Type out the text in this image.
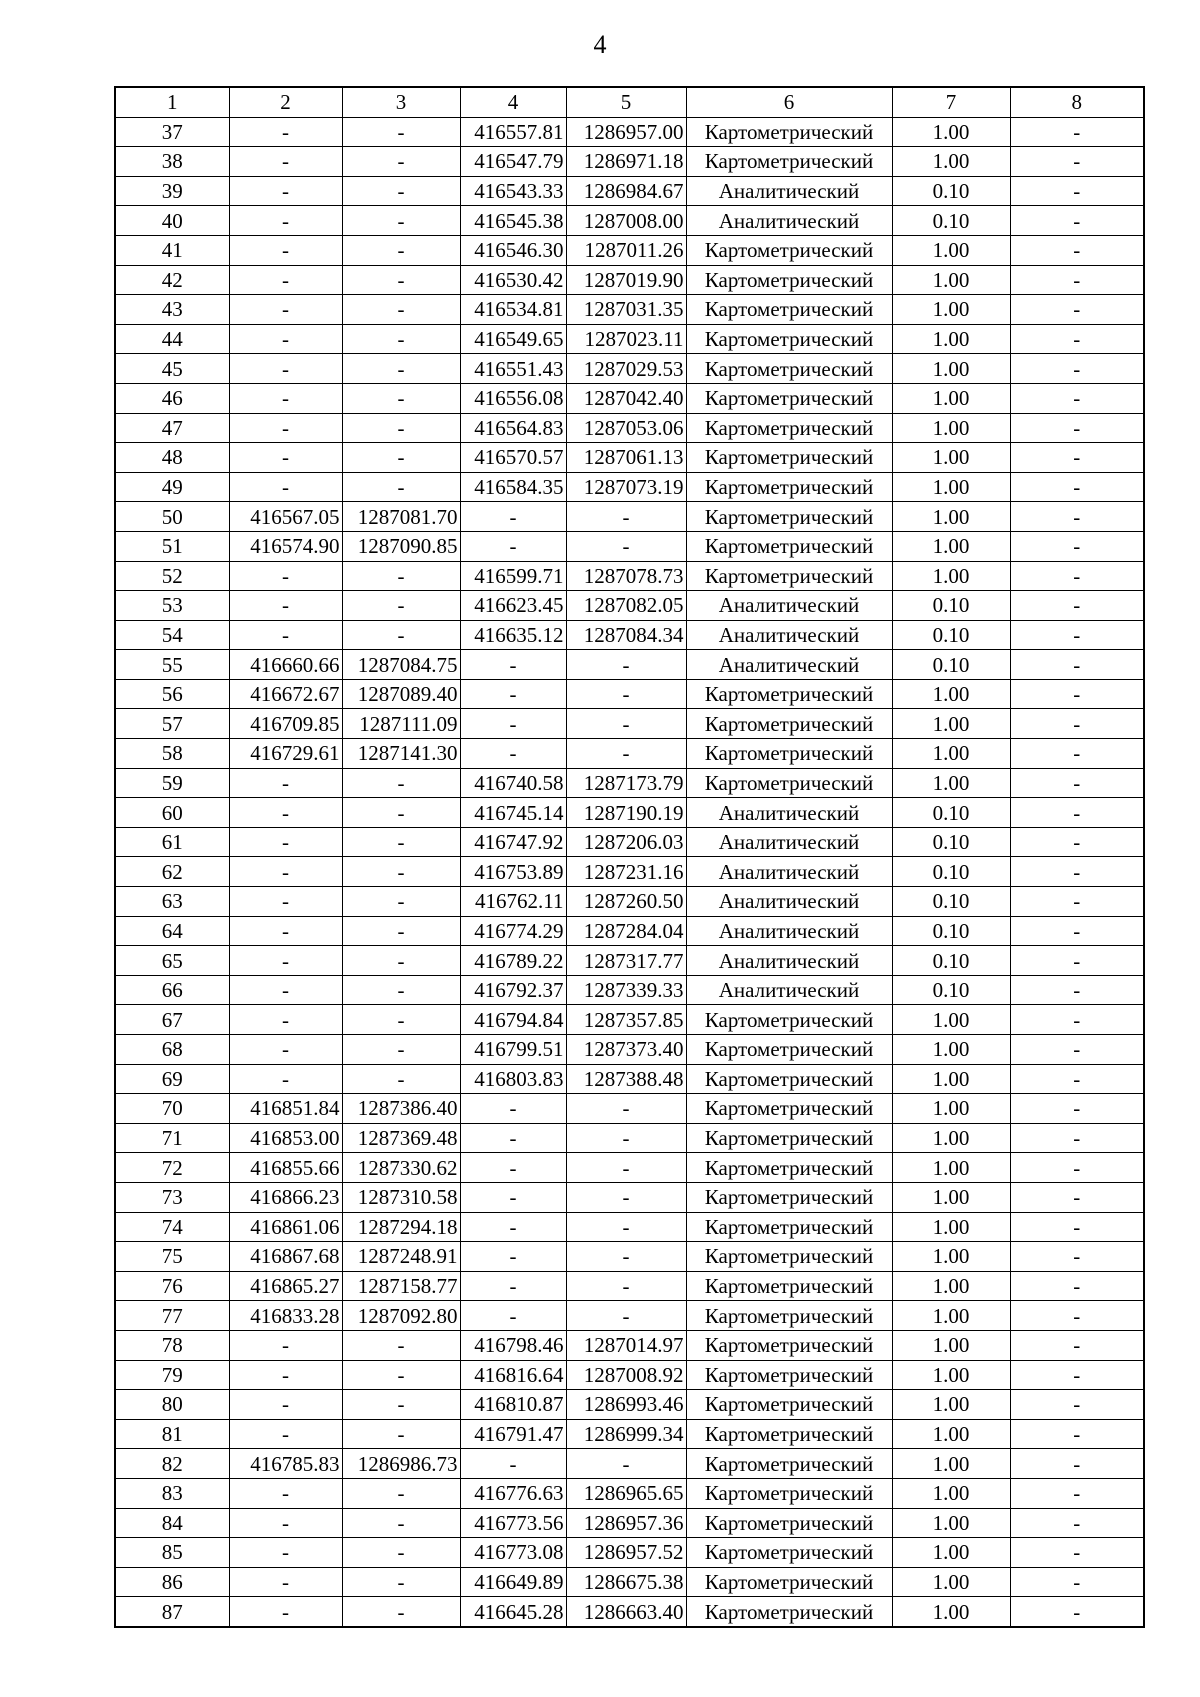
4
1	2	3	4	5	6	7	8
37	-	-	416557.81	1286957.00	Картометрический	1.00	-
38	-	-	416547.79	1286971.18	Картометрический	1.00	-
39	-	-	416543.33	1286984.67	Аналитический	0.10	-
40	-	-	416545.38	1287008.00	Аналитический	0.10	-
41	-	-	416546.30	1287011.26	Картометрический	1.00	-
42	-	-	416530.42	1287019.90	Картометрический	1.00	-
43	-	-	416534.81	1287031.35	Картометрический	1.00	-
44	-	-	416549.65	1287023.11	Картометрический	1.00	-
45	-	-	416551.43	1287029.53	Картометрический	1.00	-
46	-	-	416556.08	1287042.40	Картометрический	1.00	-
47	-	-	416564.83	1287053.06	Картометрический	1.00	-
48	-	-	416570.57	1287061.13	Картометрический	1.00	-
49	-	-	416584.35	1287073.19	Картометрический	1.00	-
50	416567.05	1287081.70	-	-	Картометрический	1.00	-
51	416574.90	1287090.85	-	-	Картометрический	1.00	-
52	-	-	416599.71	1287078.73	Картометрический	1.00	-
53	-	-	416623.45	1287082.05	Аналитический	0.10	-
54	-	-	416635.12	1287084.34	Аналитический	0.10	-
55	416660.66	1287084.75	-	-	Аналитический	0.10	-
56	416672.67	1287089.40	-	-	Картометрический	1.00	-
57	416709.85	1287111.09	-	-	Картометрический	1.00	-
58	416729.61	1287141.30	-	-	Картометрический	1.00	-
59	-	-	416740.58	1287173.79	Картометрический	1.00	-
60	-	-	416745.14	1287190.19	Аналитический	0.10	-
61	-	-	416747.92	1287206.03	Аналитический	0.10	-
62	-	-	416753.89	1287231.16	Аналитический	0.10	-
63	-	-	416762.11	1287260.50	Аналитический	0.10	-
64	-	-	416774.29	1287284.04	Аналитический	0.10	-
65	-	-	416789.22	1287317.77	Аналитический	0.10	-
66	-	-	416792.37	1287339.33	Аналитический	0.10	-
67	-	-	416794.84	1287357.85	Картометрический	1.00	-
68	-	-	416799.51	1287373.40	Картометрический	1.00	-
69	-	-	416803.83	1287388.48	Картометрический	1.00	-
70	416851.84	1287386.40	-	-	Картометрический	1.00	-
71	416853.00	1287369.48	-	-	Картометрический	1.00	-
72	416855.66	1287330.62	-	-	Картометрический	1.00	-
73	416866.23	1287310.58	-	-	Картометрический	1.00	-
74	416861.06	1287294.18	-	-	Картометрический	1.00	-
75	416867.68	1287248.91	-	-	Картометрический	1.00	-
76	416865.27	1287158.77	-	-	Картометрический	1.00	-
77	416833.28	1287092.80	-	-	Картометрический	1.00	-
78	-	-	416798.46	1287014.97	Картометрический	1.00	-
79	-	-	416816.64	1287008.92	Картометрический	1.00	-
80	-	-	416810.87	1286993.46	Картометрический	1.00	-
81	-	-	416791.47	1286999.34	Картометрический	1.00	-
82	416785.83	1286986.73	-	-	Картометрический	1.00	-
83	-	-	416776.63	1286965.65	Картометрический	1.00	-
84	-	-	416773.56	1286957.36	Картометрический	1.00	-
85	-	-	416773.08	1286957.52	Картометрический	1.00	-
86	-	-	416649.89	1286675.38	Картометрический	1.00	-
87	-	-	416645.28	1286663.40	Картометрический	1.00	-
